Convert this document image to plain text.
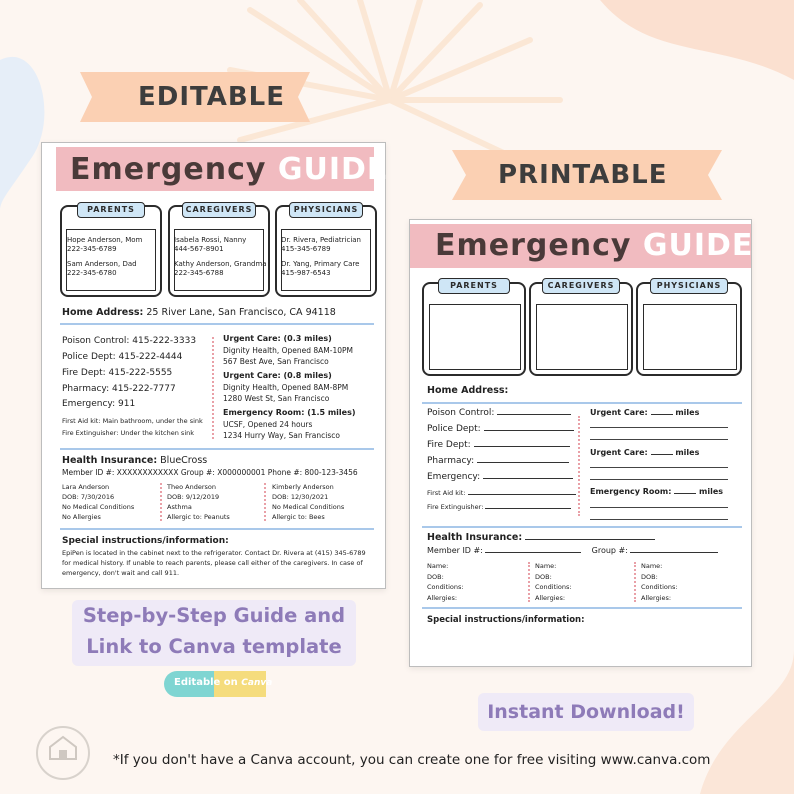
EDITABLE
PRINTABLE
Emergency GUIDE
PARENTS
Hope Anderson, Mom
222-345-6789
Sam Anderson, Dad
222-345-6780
CAREGIVERS
Isabela Rossi, Nanny
444-567-8901
Kathy Anderson, Grandma
222-345-6788
PHYSICIANS
Dr. Rivera, Pediatrician
415-345-6789
Dr. Yang, Primary Care
415-987-6543
Home Address: 25 River Lane, San Francisco, CA 94118
Poison Control: 415-222-3333
Police Dept: 415-222-4444
Fire Dept: 415-222-5555
Pharmacy: 415-222-7777
Emergency: 911
First Aid kit: Main bathroom, under the sink
Fire Extinguisher: Under the kitchen sink
Urgent Care: (0.3 miles)
Dignity Health, Opened 8AM-10PM
567 Best Ave, San Francisco
Urgent Care: (0.8 miles)
Dignity Health, Opened 8AM-8PM
1280 West St, San Francisco
Emergency Room: (1.5 miles)
UCSF, Opened 24 hours
1234 Hurry Way, San Francisco
Health Insurance: BlueCross
Member ID #: XXXXXXXXXXXX Group #: X000000001 Phone #: 800-123-3456
Lara Anderson
DOB: 7/30/2016
No Medical Conditions
No Allergies
Theo Anderson
DOB: 9/12/2019
Asthma
Allergic to: Peanuts
Kimberly Anderson
DOB: 12/30/2021
No Medical Conditions
Allergic to: Bees
Special instructions/information:
EpiPen is located in the cabinet next to the refrigerator. Contact Dr. Rivera at (415) 345-6789
for medical history. If unable to reach parents, please call either of the caregivers. In case of
emergency, don't wait and call 911.
Emergency GUIDE
PARENTS	CAREGIVERS	PHYSICIANS
Home Address:
Poison Control:
Police Dept:
Fire Dept:
Pharmacy:
Emergency:
First Aid kit:
Fire Extinguisher:
Urgent Care:	miles
Urgent Care:	miles
Emergency Room:	miles
Health Insurance:
Member ID #:	Group #:
Name:
DOB:
Conditions:
Allergies:
Name:
DOB:
Conditions:
Allergies:
Name:
DOB:
Conditions:
Allergies:
Special instructions/information:
Step-by-Step Guide and
Link to Canva template
Editable on Canva
Instant Download!
*If you don't have a Canva account, you can create one for free visiting www.canva.com
